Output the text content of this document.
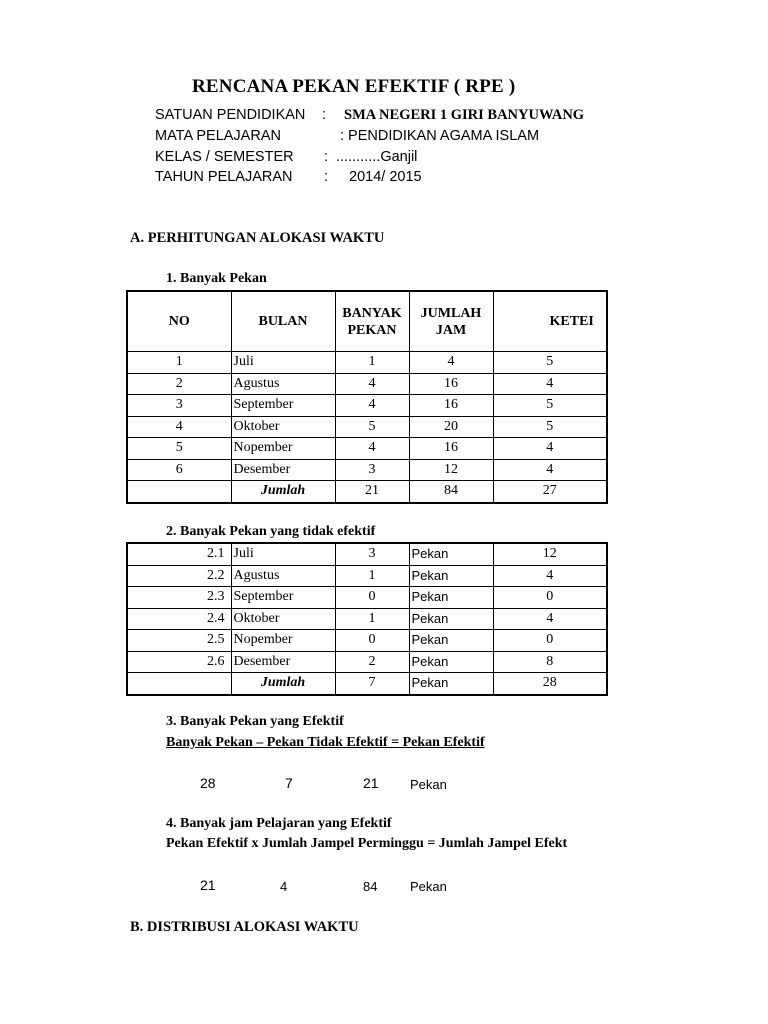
RENCANA PEKAN EFEKTIF ( RPE )
SATUAN PENDIDIKAN : SMA NEGERI 1 GIRI BANYUWANG
MATA PELAJARAN	: PENDIDIKAN AGAMA ISLAM
KELAS / SEMESTER : ...........Ganjil
TAHUN PELAJARAN : 2014/ 2015
A. PERHITUNGAN ALOKASI WAKTU
1. Banyak Pekan
NO	BULAN	BANYAK PEKAN	JUMLAH JAM	KETEI
1	Juli	1	4	5
2	Agustus	4	16	4
3	September	4	16	5
4	Oktober	5	20	5
5	Nopember	4	16	4
6	Desember	3	12	4
	Jumlah	21	84	27
2. Banyak Pekan yang tidak efektif
2.1	Juli	3	Pekan	12
2.2	Agustus	1	Pekan	4
2.3	September	0	Pekan	0
2.4	Oktober	1	Pekan	4
2.5	Nopember	0	Pekan	0
2.6	Desember	2	Pekan	8
	Jumlah	7	Pekan	28
3. Banyak Pekan yang Efektif
Banyak Pekan – Pekan Tidak Efektif = Pekan Efektif
28	7	21 Pekan
4. Banyak jam Pelajaran yang Efektif
Pekan Efektif x Jumlah Jampel Perminggu = Jumlah Jampel Efekt
21	4	84	Pekan
B. DISTRIBUSI ALOKASI WAKTU
